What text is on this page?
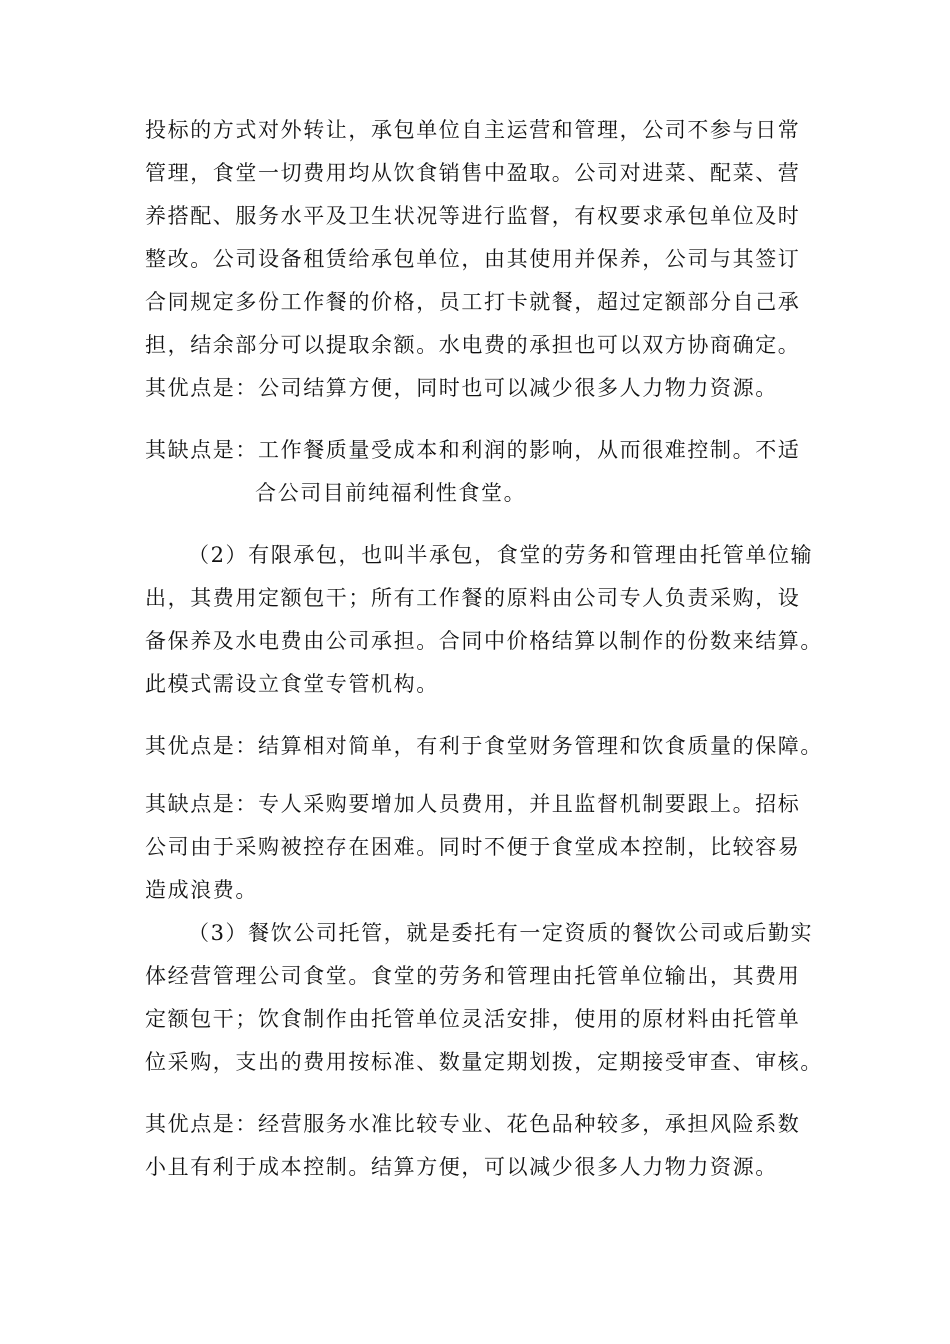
投标的方式对外转让，承包单位自主运营和管理，公司不参与日常
管理，食堂一切费用均从饮食销售中盈取。公司对进菜、配菜、营
养搭配、服务水平及卫生状况等进行监督，有权要求承包单位及时
整改。公司设备租赁给承包单位，由其使用并保养，公司与其签订
合同规定多份工作餐的价格，员工打卡就餐，超过定额部分自己承
担，结余部分可以提取余额。水电费的承担也可以双方协商确定。
其优点是：公司结算方便，同时也可以减少很多人力物力资源。
其缺点是：工作餐质量受成本和利润的影响，从而很难控制。不适
合公司目前纯福利性食堂。
（2）有限承包，也叫半承包，食堂的劳务和管理由托管单位输
出，其费用定额包干；所有工作餐的原料由公司专人负责采购，设
备保养及水电费由公司承担。合同中价格结算以制作的份数来结算。
此模式需设立食堂专管机构。
其优点是：结算相对简单，有利于食堂财务管理和饮食质量的保障。
其缺点是：专人采购要增加人员费用，并且监督机制要跟上。招标
公司由于采购被控存在困难。同时不便于食堂成本控制，比较容易
造成浪费。
（3）餐饮公司托管，就是委托有一定资质的餐饮公司或后勤实
体经营管理公司食堂。食堂的劳务和管理由托管单位输出，其费用
定额包干；饮食制作由托管单位灵活安排，使用的原材料由托管单
位采购，支出的费用按标准、数量定期划拨，定期接受审查、审核。
其优点是：经营服务水准比较专业、花色品种较多，承担风险系数
小且有利于成本控制。结算方便，可以减少很多人力物力资源。
